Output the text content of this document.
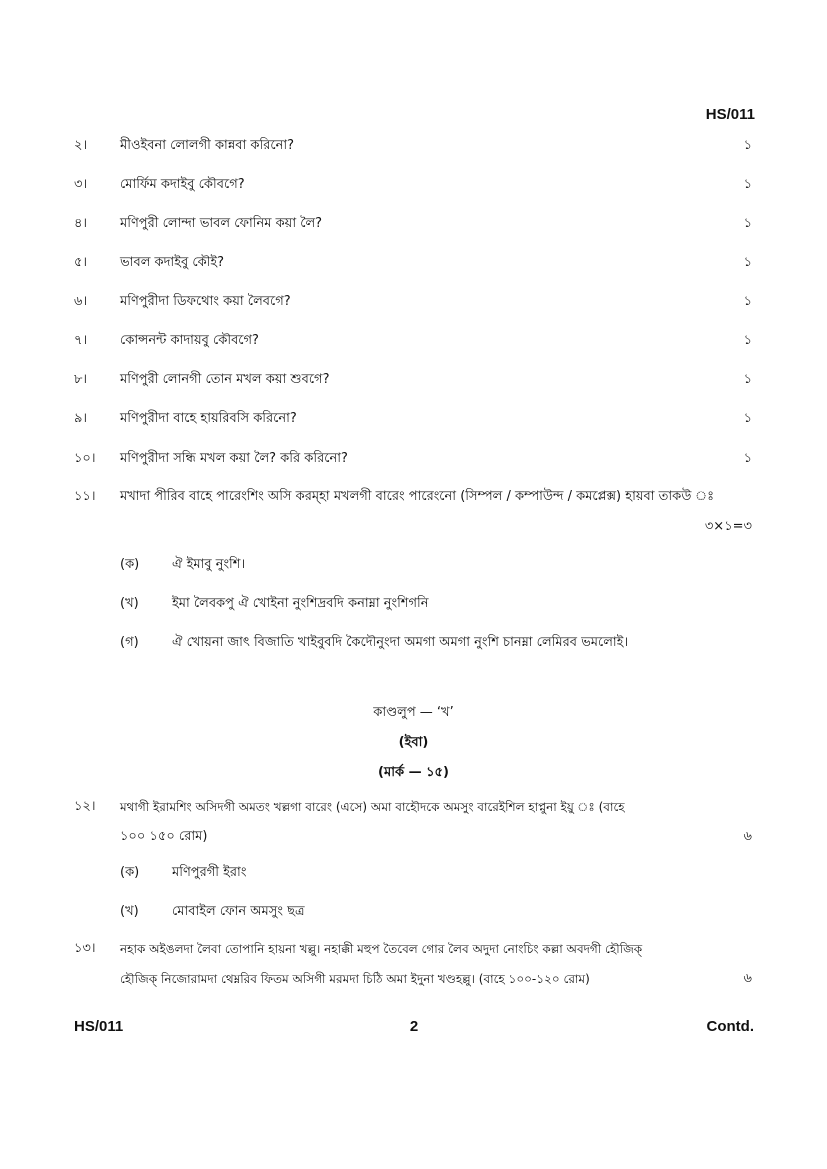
HS/011
২।	মীওইবনা লোলগী কান্নবা করিনো?	১
৩।	মোর্ফিম কদাইবু কৌবগে?	১
৪।	মণিপুরী লোন্দা ভাবল ফোনিম কয়া লৈ?	১
৫।	ভাবল কদাইবু কৌই?	১
৬।	মণিপুরীদা ডিফথোং কয়া লৈবগে?	১
৭।	কোন্সনন্ট কাদায়বু কৌবগে?	১
৮।	মণিপুরী লোনগী তোন মখল কয়া শুবগে?	১
৯।	মণিপুরীদা বাহে হায়রিবসি করিনো?	১
১০।	মণিপুরীদা সন্ধি মখল কয়া লৈ? করি করিনো?	১
১১।	মখাদা পীরিব বাহে পারেংশিং অসি করম্হা মখলগী বারেং পারেংনো (সিম্পল / কম্পাউন্দ / কমপ্লেক্স) হায়বা তাকউ ঃ
৩×১=৩
(ক)	ঐ ইমাবু নুংশি।
(খ)	ইমা লৈবকপু ঐ খোইনা নুংশিদ্রবদি কনাম্না নুংশিগনি
(গ)	ঐ খোয়না জাৎ বিজাতি খাইবুবদি কৈদৌনুংদা অমগা অমগা নুংশি চানম্না লেমিরব ভমলোই।
কাণ্ডলুপ — ‘খ’
(ইবা)
(মার্ক — ১৫)
১২। মথাগী ইরামশিং অসিদগী অমতং খল্লগা বারেং (এসে) অমা বাহৌদকে অমসুং বারেইশিল হাপ্নুনা ইয়ু ঃ (বাহে
১০০ ১৫০ রোম)	৬
(ক)	মণিপুরগী ইরাং
(খ)	মোবাইল ফোন অমসুং ছত্র
১৩। নহাক অইঙলদা লৈবা তোপানি হায়না খল্লু। নহাক্কী মহুপ তৈবেল গোর লৈব অদুদা নোংচিং কল্লা অবদগী হৌজিক্
হৌজিক্ নিজোরামদা থেম্নরিব ফিতম অসিগী মরমদা চিঠি অমা ইদুনা খণ্ডহল্লু। (বাহে ১০০-১২০ রোম)	৬
HS/011	2	Contd.
